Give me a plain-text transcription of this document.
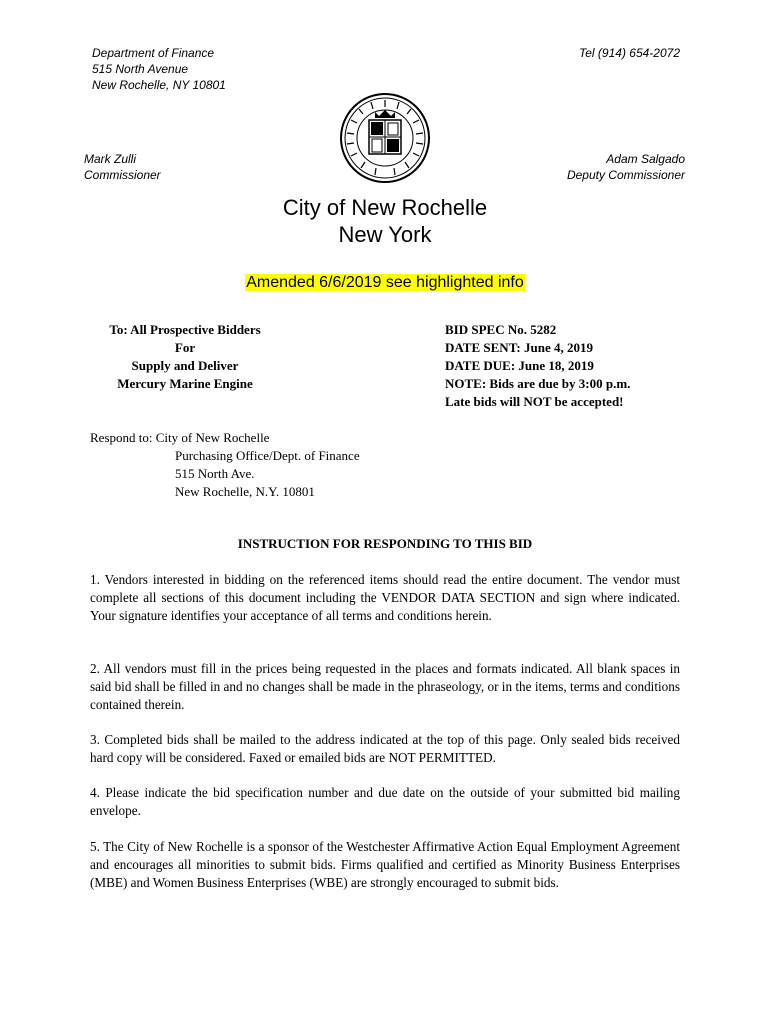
Department of Finance
515 North Avenue
New Rochelle, NY 10801
Tel (914) 654-2072
Mark Zulli
Commissioner
Adam Salgado
Deputy Commissioner
City of New Rochelle
New York
Amended 6/6/2019 see highlighted info
To: All Prospective Bidders
For
Supply and Deliver
Mercury Marine Engine
BID SPEC No. 5282
DATE SENT: June 4, 2019
DATE DUE: June 18, 2019
NOTE: Bids are due by 3:00 p.m.
Late bids will NOT be accepted!
Respond to: City of New Rochelle
Purchasing Office/Dept. of Finance
515 North Ave.
New Rochelle, N.Y. 10801
INSTRUCTION FOR RESPONDING TO THIS BID
1. Vendors interested in bidding on the referenced items should read the entire document. The vendor must complete all sections of this document including the VENDOR DATA SECTION and sign where indicated. Your signature identifies your acceptance of all terms and conditions herein.
2. All vendors must fill in the prices being requested in the places and formats indicated. All blank spaces in said bid shall be filled in and no changes shall be made in the phraseology, or in the items, terms and conditions contained therein.
3. Completed bids shall be mailed to the address indicated at the top of this page. Only sealed bids received hard copy will be considered. Faxed or emailed bids are NOT PERMITTED.
4. Please indicate the bid specification number and due date on the outside of your submitted bid mailing envelope.
5. The City of New Rochelle is a sponsor of the Westchester Affirmative Action Equal Employment Agreement and encourages all minorities to submit bids. Firms qualified and certified as Minority Business Enterprises (MBE) and Women Business Enterprises (WBE) are strongly encouraged to submit bids.
